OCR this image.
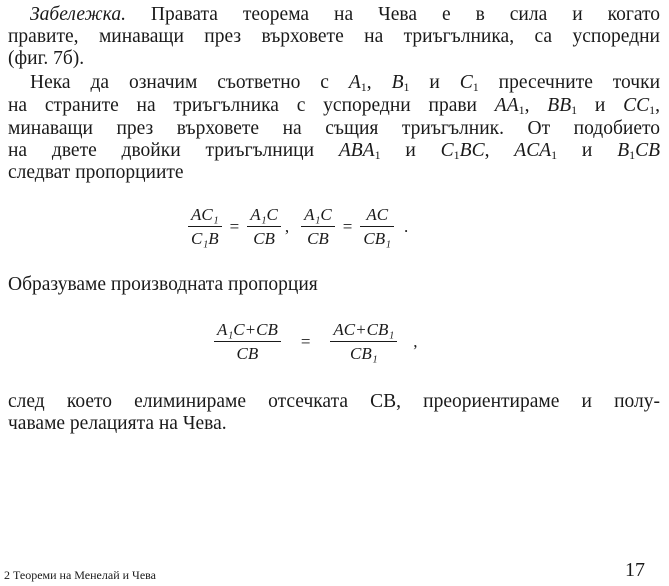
Забележка. Правата теорема на Чева е в сила и когато
правите, минаващи през върховете на триъгълника, са успоредни
(фиг. 7б).
Нека да означим съответно с $A_1$, $B_1$ и $C_1$ пресечните точки
на страните на триъгълника с успоредни прави $AA_1$, $BB_1$ и $CC_1$,
минаващи през върховете на същия триъгълник. От подобието
на двете двойки триъгълници $ABA_1$ и $C_1BC$, $ACA_1$ и $B_1CB$
следват пропорциите
$\frac{\text{AC₁}}{\text{C₁B}} = \frac{\text{A₁C}}{CB}$ , $\frac{\text{A₁C}}{CB} = \frac{AC}{\text{CB₁}}$ .
Образуваме производната пропорция
$\frac{\text{A₁C+CB}}{CB} = \frac{\text{AC+CB₁}}{\text{CB₁}}$ ,
след което елиминираме отсечката CB, преориентираме и полу-
чаваме релацията на Чева.
2 Теореми на Менелай и Чева	17
